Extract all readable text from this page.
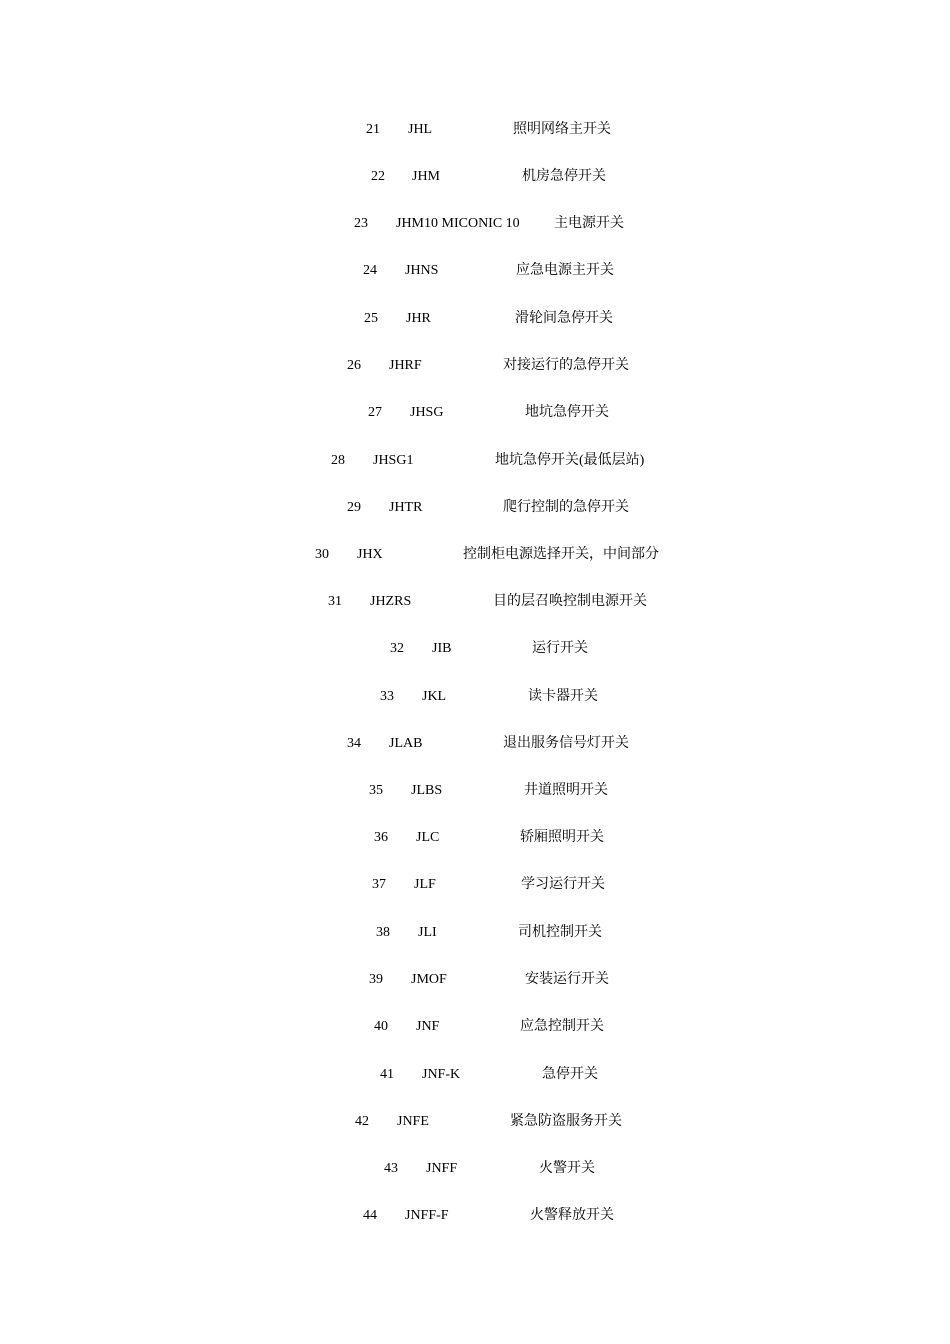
21 JHL	照明网络主开关
22 JHM	机房急停开关
23 JHM10 MICONIC 10 主电源开关
24 JHNS	应急电源主开关
25 JHR	滑轮间急停开关
26 JHRF	对接运行的急停开关
27 JHSG	地坑急停开关
28 JHSG1	地坑急停开关(最低层站)
29 JHTR	爬行控制的急停开关
30 JHX	控制柜电源选择开关，中间部分
31 JHZRS	目的层召唤控制电源开关
32 JIB	运行开关
33 JKL	读卡器开关
34 JLAB	退出服务信号灯开关
35 JLBS	井道照明开关
36 JLC	轿厢照明开关
37 JLF	学习运行开关
38 JLI	司机控制开关
39 JMOF	安装运行开关
40 JNF	应急控制开关
41 JNF-K	急停开关
42 JNFE	紧急防盗服务开关
43 JNFF	火警开关
44 JNFF-F	火警释放开关
